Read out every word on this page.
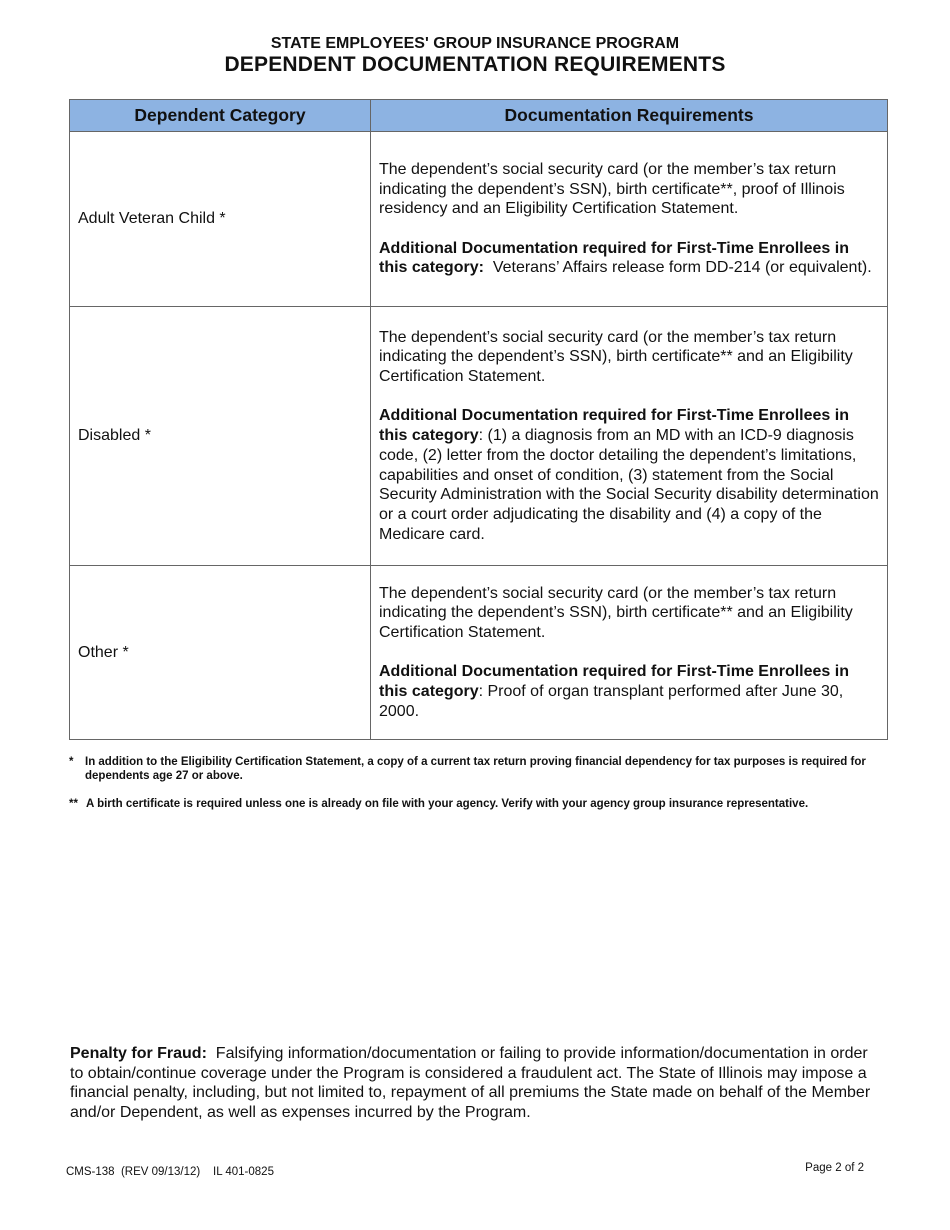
STATE EMPLOYEES' GROUP INSURANCE PROGRAM
DEPENDENT DOCUMENTATION REQUIREMENTS
Dependent Category	Documentation Requirements
Adult Veteran Child *	The dependent’s social security card (or the member’s tax return indicating the dependent’s SSN), birth certificate**, proof of Illinois residency and an Eligibility Certification Statement.

Additional Documentation required for First-Time Enrollees in this category: Veterans’ Affairs release form DD-214 (or equivalent).

Disabled *	The dependent’s social security card (or the member’s tax return indicating the dependent’s SSN), birth certificate** and an Eligibility Certification Statement.

Additional Documentation required for First-Time Enrollees in this category: (1) a diagnosis from an MD with an ICD-9 diagnosis code, (2) letter from the doctor detailing the dependent’s limitations, capabilities and onset of condition, (3) statement from the Social Security Administration with the Social Security disability determination or a court order adjudicating the disability and (4) a copy of the Medicare card.

Other *	The dependent’s social security card (or the member’s tax return indicating the dependent’s SSN), birth certificate** and an Eligibility Certification Statement.

Additional Documentation required for First-Time Enrollees in this category: Proof of organ transplant performed after June 30, 2000.

* In addition to the Eligibility Certification Statement, a copy of a current tax return proving financial dependency for tax purposes is required for dependents age 27 or above.
** A birth certificate is required unless one is already on file with your agency. Verify with your agency group insurance representative.
Penalty for Fraud: Falsifying information/documentation or failing to provide information/documentation in order to obtain/continue coverage under the Program is considered a fraudulent act. The State of Illinois may impose a financial penalty, including, but not limited to, repayment of all premiums the State made on behalf of the Member and/or Dependent, as well as expenses incurred by the Program.
CMS-138  (REV 09/13/12)    IL 401-0825	Page 2 of 2
